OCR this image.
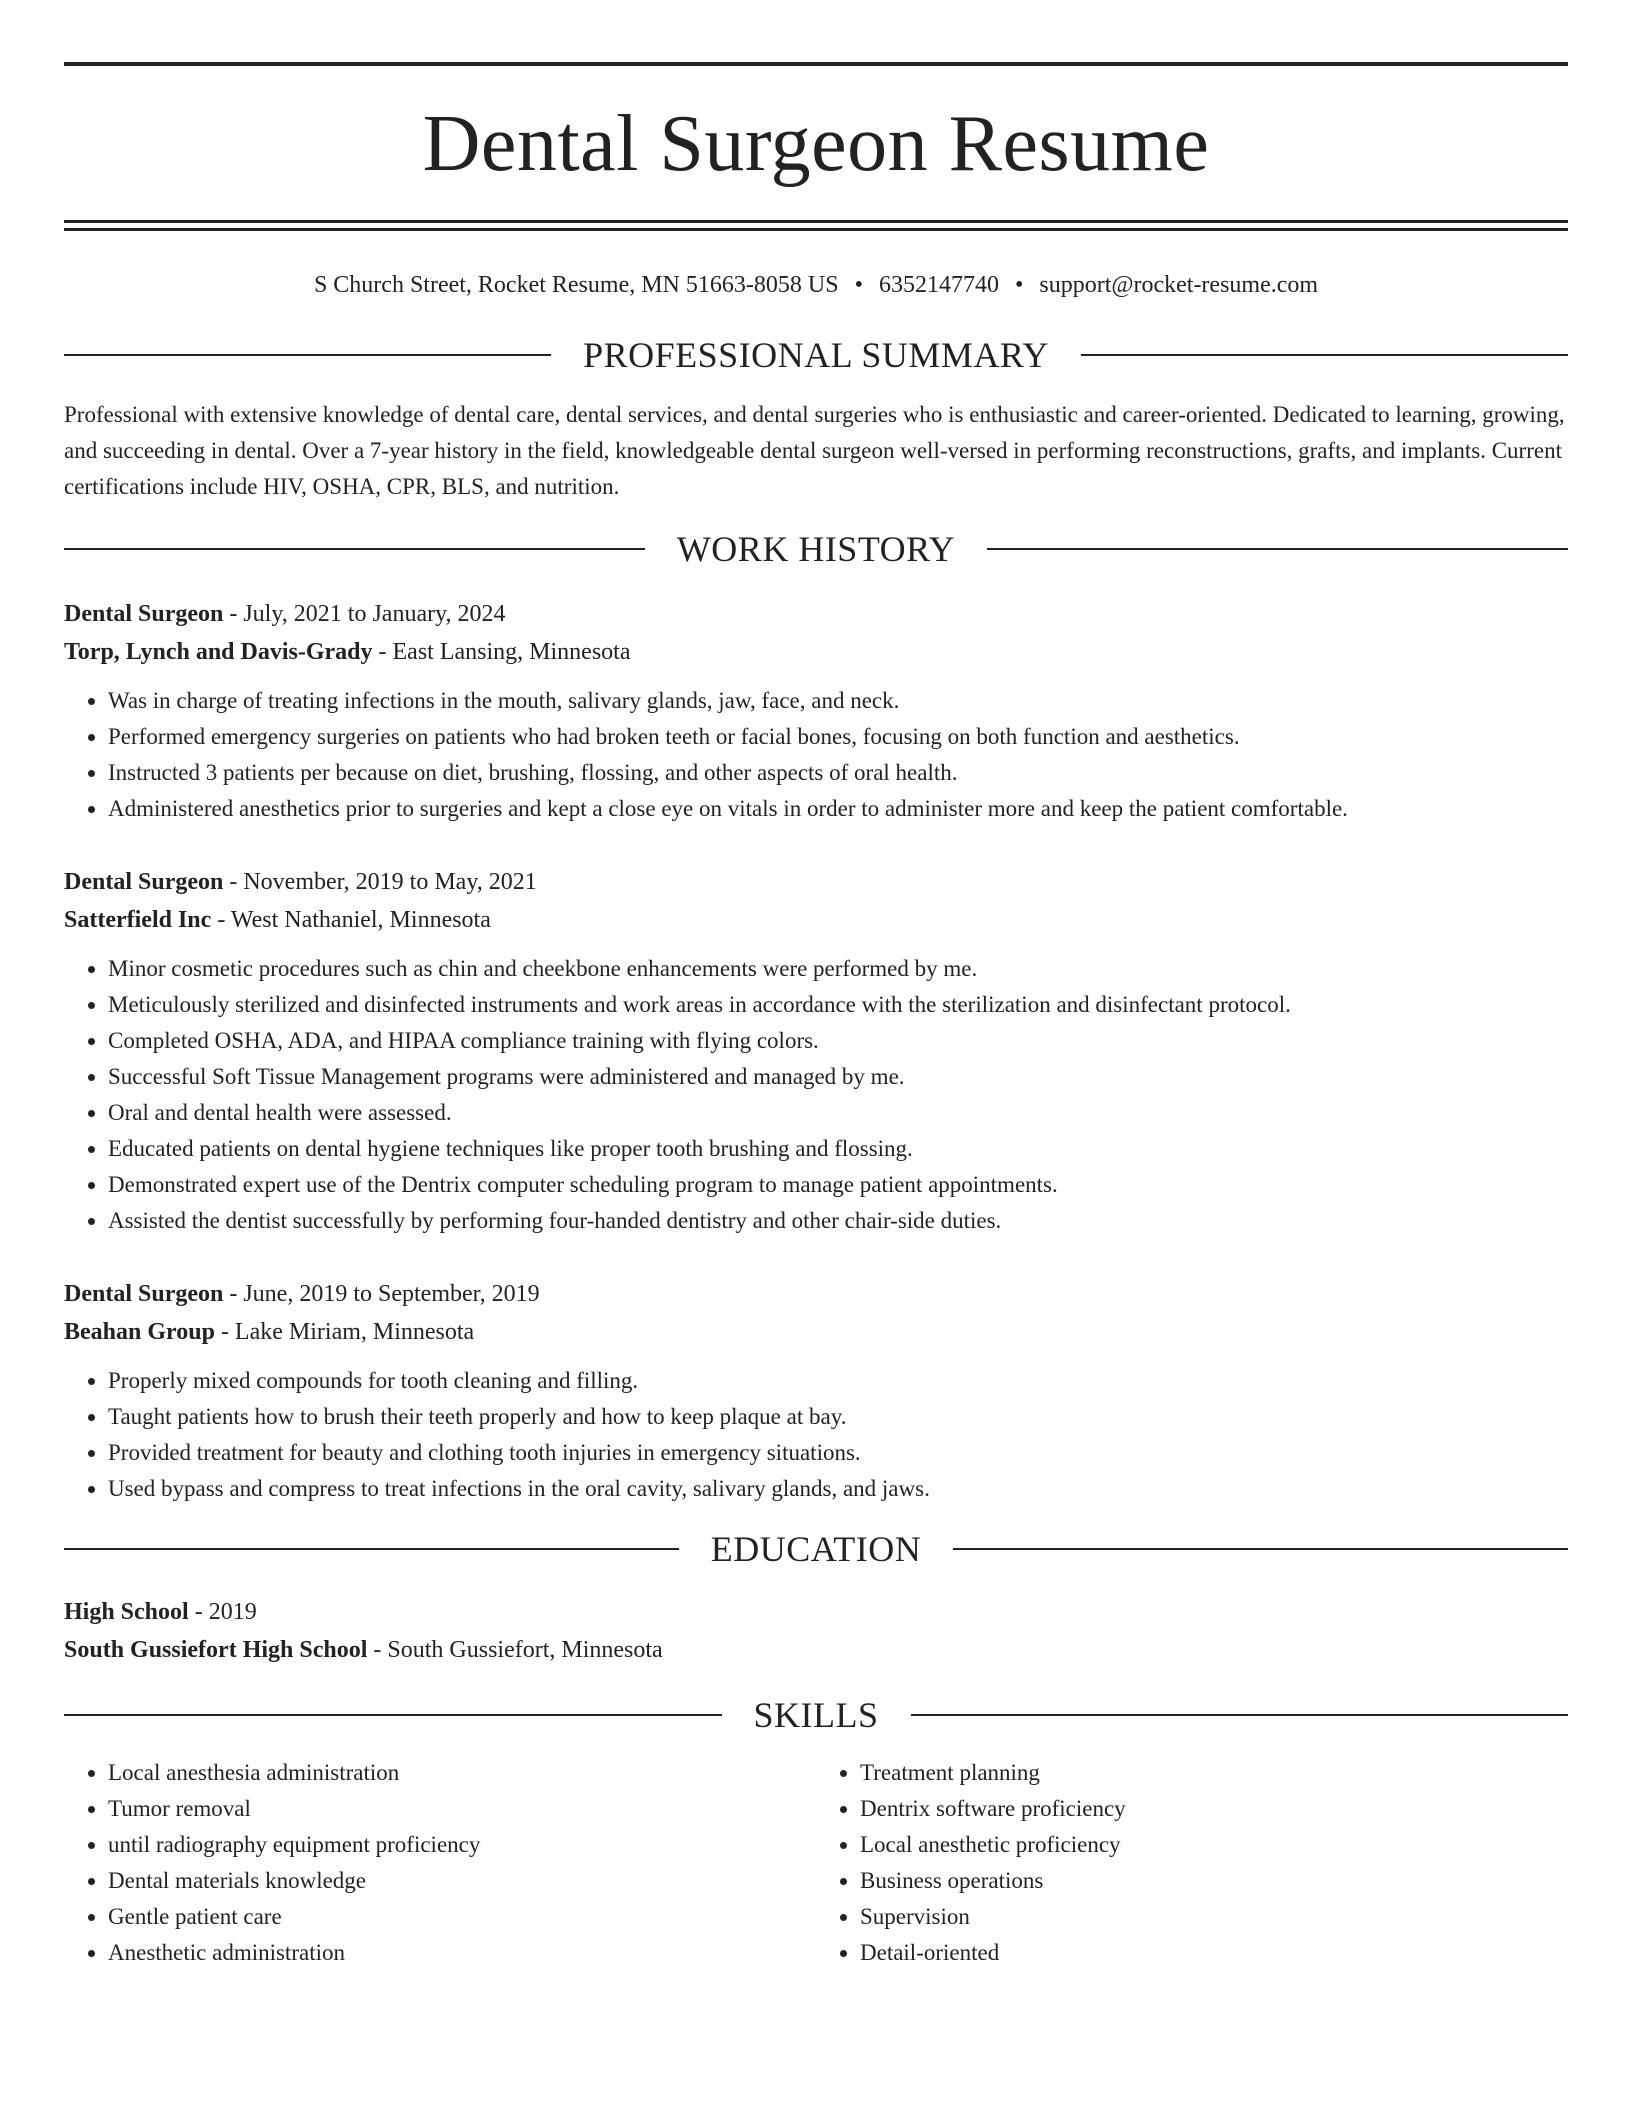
Dental Surgeon Resume
S Church Street, Rocket Resume, MN 51663-8058 US • 6352147740 • support@rocket-resume.com
PROFESSIONAL SUMMARY
Professional with extensive knowledge of dental care, dental services, and dental surgeries who is enthusiastic and career-oriented. Dedicated to learning, growing, and succeeding in dental. Over a 7-year history in the field, knowledgeable dental surgeon well-versed in performing reconstructions, grafts, and implants. Current certifications include HIV, OSHA, CPR, BLS, and nutrition.
WORK HISTORY
Dental Surgeon - July, 2021 to January, 2024
Torp, Lynch and Davis-Grady - East Lansing, Minnesota
• Was in charge of treating infections in the mouth, salivary glands, jaw, face, and neck.
• Performed emergency surgeries on patients who had broken teeth or facial bones, focusing on both function and aesthetics.
• Instructed 3 patients per because on diet, brushing, flossing, and other aspects of oral health.
• Administered anesthetics prior to surgeries and kept a close eye on vitals in order to administer more and keep the patient comfortable.
Dental Surgeon - November, 2019 to May, 2021
Satterfield Inc - West Nathaniel, Minnesota
• Minor cosmetic procedures such as chin and cheekbone enhancements were performed by me.
• Meticulously sterilized and disinfected instruments and work areas in accordance with the sterilization and disinfectant protocol.
• Completed OSHA, ADA, and HIPAA compliance training with flying colors.
• Successful Soft Tissue Management programs were administered and managed by me.
• Oral and dental health were assessed.
• Educated patients on dental hygiene techniques like proper tooth brushing and flossing.
• Demonstrated expert use of the Dentrix computer scheduling program to manage patient appointments.
• Assisted the dentist successfully by performing four-handed dentistry and other chair-side duties.
Dental Surgeon - June, 2019 to September, 2019
Beahan Group - Lake Miriam, Minnesota
• Properly mixed compounds for tooth cleaning and filling.
• Taught patients how to brush their teeth properly and how to keep plaque at bay.
• Provided treatment for beauty and clothing tooth injuries in emergency situations.
• Used bypass and compress to treat infections in the oral cavity, salivary glands, and jaws.
EDUCATION
High School - 2019
South Gussiefort High School - South Gussiefort, Minnesota
SKILLS
• Local anesthesia administration
• Tumor removal
• until radiography equipment proficiency
• Dental materials knowledge
• Gentle patient care
• Anesthetic administration
• Treatment planning
• Dentrix software proficiency
• Local anesthetic proficiency
• Business operations
• Supervision
• Detail-oriented
